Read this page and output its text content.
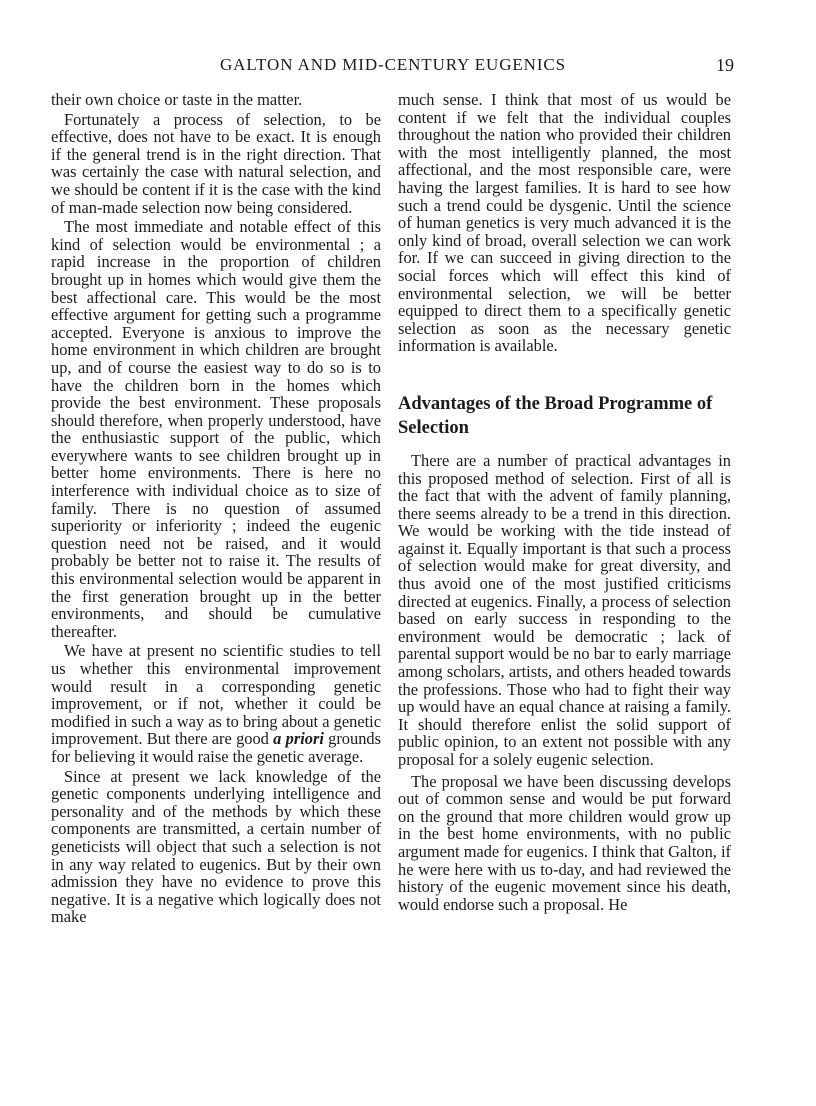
GALTON AND MID-CENTURY EUGENICS	19

their own choice or taste in the matter.

Fortunately a process of selection, to be effective, does not have to be exact. It is enough if the general trend is in the right direction. That was certainly the case with natural selection, and we should be content if it is the case with the kind of man-made selection now being considered.

The most immediate and notable effect of this kind of selection would be environmental ; a rapid increase in the proportion of children brought up in homes which would give them the best affectional care. This would be the most effective argument for getting such a programme accepted. Everyone is anxious to improve the home environment in which children are brought up, and of course the easiest way to do so is to have the children born in the homes which provide the best environment. These proposals should therefore, when properly understood, have the enthusiastic support of the public, which everywhere wants to see children brought up in better home environments. There is here no interference with individual choice as to size of family. There is no question of assumed superiority or inferiority ; indeed the eugenic question need not be raised, and it would probably be better not to raise it. The results of this environmental selection would be apparent in the first generation brought up in the better environments, and should be cumulative thereafter.

We have at present no scientific studies to tell us whether this environmental improvement would result in a corresponding genetic improvement, or if not, whether it could be modified in such a way as to bring about a genetic improvement. But there are good a priori grounds for believing it would raise the genetic average.

Since at present we lack knowledge of the genetic components underlying intelligence and personality and of the methods by which these components are transmitted, a certain number of geneticists will object that such a selection is not in any way related to eugenics. But by their own admission they have no evidence to prove this negative. It is a negative which logically does not make

much sense. I think that most of us would be content if we felt that the individual couples throughout the nation who provided their children with the most intelligently planned, the most affectional, and the most responsible care, were having the largest families. It is hard to see how such a trend could be dysgenic. Until the science of human genetics is very much advanced it is the only kind of broad, overall selection we can work for. If we can succeed in giving direction to the social forces which will effect this kind of environmental selection, we will be better equipped to direct them to a specifically genetic selection as soon as the necessary genetic information is available.

Advantages of the Broad Programme of Selection

There are a number of practical advantages in this proposed method of selection. First of all is the fact that with the advent of family planning, there seems already to be a trend in this direction. We would be working with the tide instead of against it. Equally important is that such a process of selection would make for great diversity, and thus avoid one of the most justified criticisms directed at eugenics. Finally, a process of selection based on early success in responding to the environment would be democratic ; lack of parental support would be no bar to early marriage among scholars, artists, and others headed towards the professions. Those who had to fight their way up would have an equal chance at raising a family. It should therefore enlist the solid support of public opinion, to an extent not possible with any proposal for a solely eugenic selection.

The proposal we have been discussing develops out of common sense and would be put forward on the ground that more children would grow up in the best home environments, with no public argument made for eugenics. I think that Galton, if he were here with us to-day, and had reviewed the history of the eugenic movement since his death, would endorse such a proposal. He
